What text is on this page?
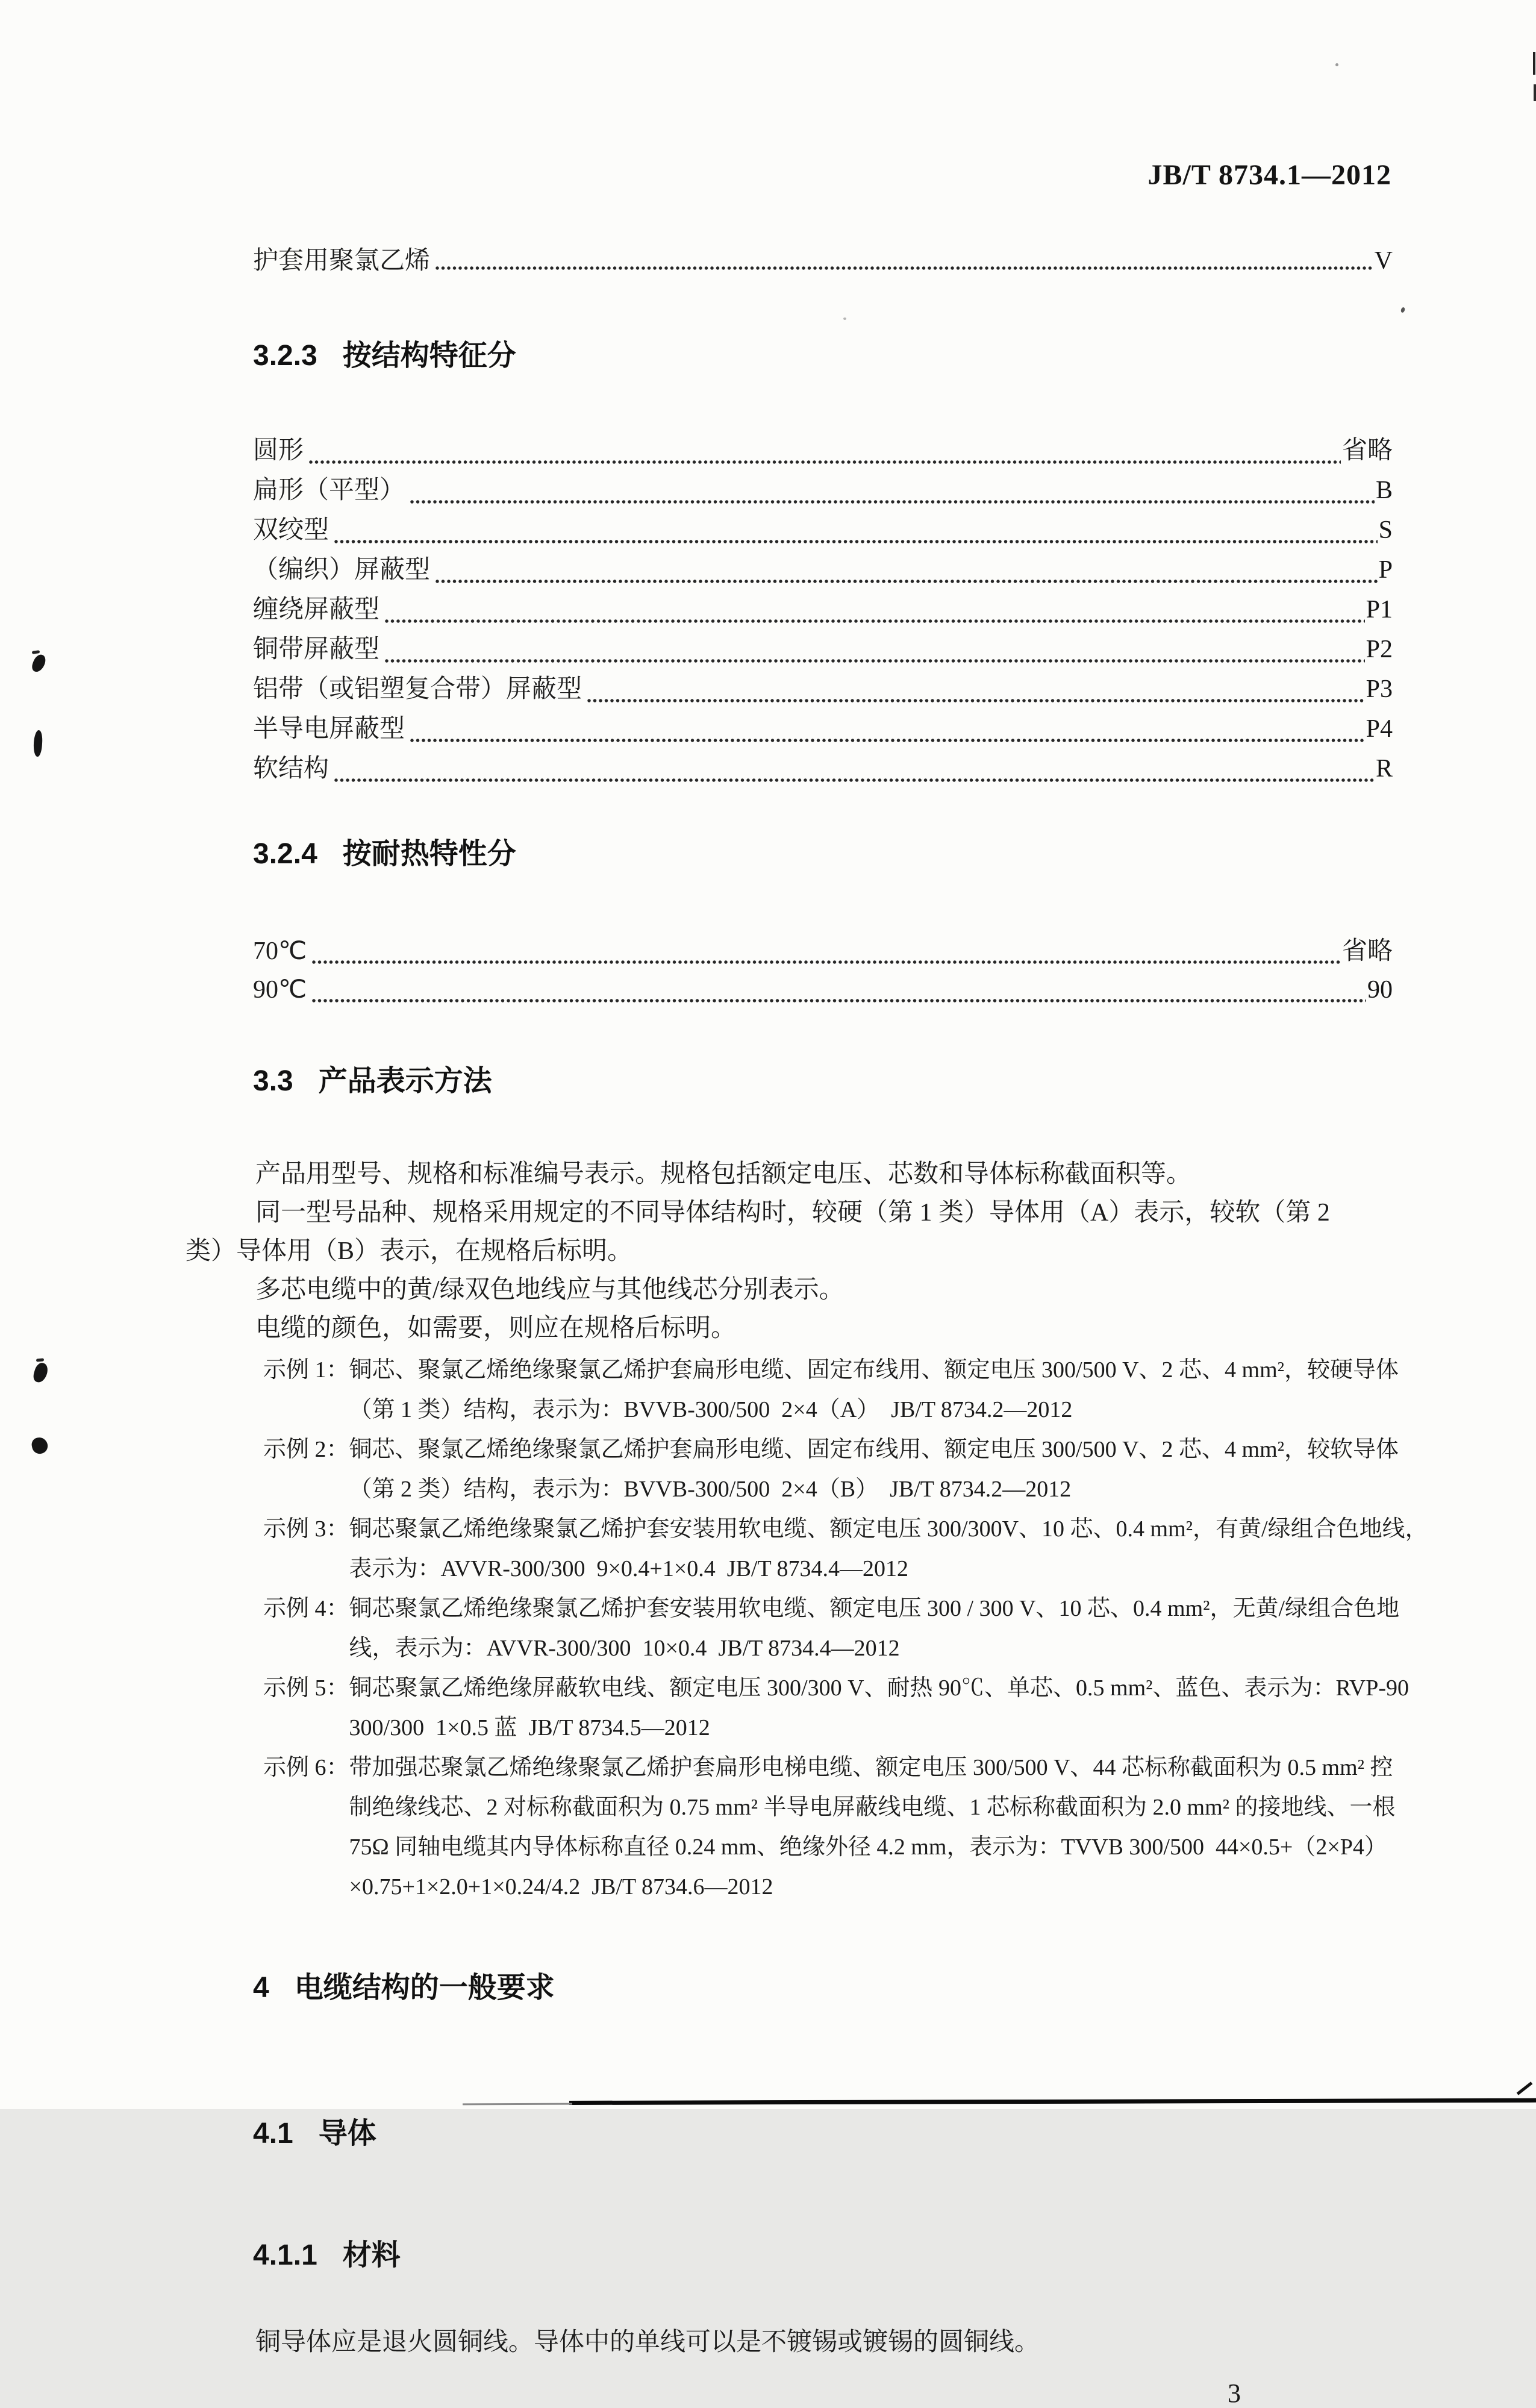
JB/T 8734.1—2012
护套用聚氯乙烯	V

3.2.3 按结构特征分

圆形	省略
扁形（平型）	B
双绞型	S
（编织）屏蔽型	P
缠绕屏蔽型	P1
铜带屏蔽型	P2
铝带（或铝塑复合带）屏蔽型	P3
半导电屏蔽型	P4
软结构	R

3.2.4 按耐热特性分

70℃	省略
90℃	90

3.3 产品表示方法

产品用型号、规格和标准编号表示。规格包括额定电压、芯数和导体标称截面积等。
同一型号品种、规格采用规定的不同导体结构时，较硬（第 1 类）导体用（A）表示，较软（第 2
类）导体用（B）表示，在规格后标明。
多芯电缆中的黄/绿双色地线应与其他线芯分别表示。
电缆的颜色，如需要，则应在规格后标明。
示例 1： 铜芯、聚氯乙烯绝缘聚氯乙烯护套扁形电缆、固定布线用、额定电压 300/500 V、2 芯、4 mm²，较硬导体
（第 1 类）结构，表示为：BVVB-300/500  2×4（A）  JB/T 8734.2—2012
示例 2： 铜芯、聚氯乙烯绝缘聚氯乙烯护套扁形电缆、固定布线用、额定电压 300/500 V、2 芯、4 mm²，较软导体
（第 2 类）结构，表示为：BVVB-300/500  2×4（B）  JB/T 8734.2—2012
示例 3： 铜芯聚氯乙烯绝缘聚氯乙烯护套安装用软电缆、额定电压 300/300V、10 芯、0.4 mm²，有黄/绿组合色地线，
表示为：AVVR-300/300  9×0.4+1×0.4  JB/T 8734.4—2012
示例 4： 铜芯聚氯乙烯绝缘聚氯乙烯护套安装用软电缆、额定电压 300 / 300 V、10 芯、0.4 mm²，无黄/绿组合色地
线，表示为：AVVR-300/300  10×0.4  JB/T 8734.4—2012
示例 5： 铜芯聚氯乙烯绝缘屏蔽软电线、额定电压 300/300 V、耐热 90℃、单芯、0.5 mm²、蓝色、表示为：RVP-90
300/300  1×0.5 蓝  JB/T 8734.5—2012
示例 6： 带加强芯聚氯乙烯绝缘聚氯乙烯护套扁形电梯电缆、额定电压 300/500 V、44 芯标称截面积为 0.5 mm² 控
制绝缘线芯、2 对标称截面积为 0.75 mm² 半导电屏蔽线电缆、1 芯标称截面积为 2.0 mm² 的接地线、一根
75Ω 同轴电缆其内导体标称直径 0.24 mm、绝缘外径 4.2 mm，表示为：TVVB 300/500  44×0.5+（2×P4）
×0.75+1×2.0+1×0.24/4.2  JB/T 8734.6—2012

4 电缆结构的一般要求

4.1 导体

4.1.1 材料

铜导体应是退火圆铜线。导体中的单线可以是不镀锡或镀锡的圆铜线。
3
